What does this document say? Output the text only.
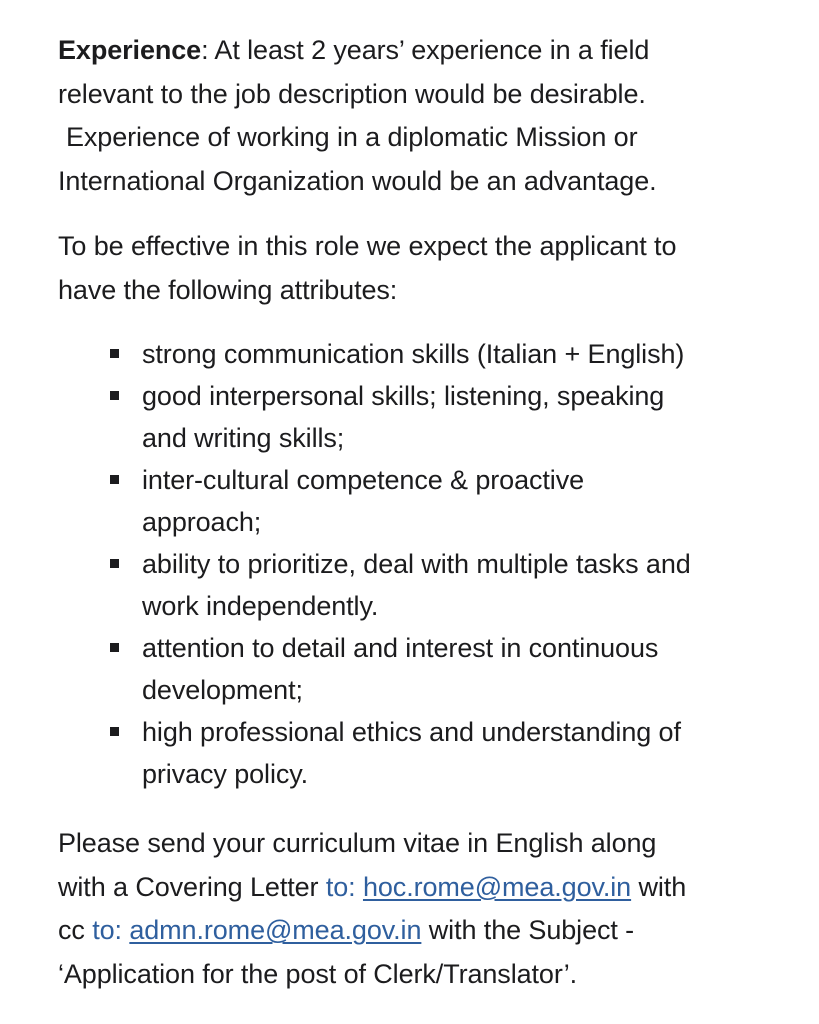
Experience: At least 2 years’ experience in a field
relevant to the job description would be desirable.
Experience of working in a diplomatic Mission or
International Organization would be an advantage.

To be effective in this role we expect the applicant to
have the following attributes:

strong communication skills (Italian + English)
good interpersonal skills; listening, speaking
and writing skills;
inter-cultural competence & proactive
approach;
ability to prioritize, deal with multiple tasks and
work independently.
attention to detail and interest in continuous
development;
high professional ethics and understanding of
privacy policy.

Please send your curriculum vitae in English along
with a Covering Letter to: hoc.rome@mea.gov.in with
cc to: admn.rome@mea.gov.in with the Subject -
‘Application for the post of Clerk/Translator’.
